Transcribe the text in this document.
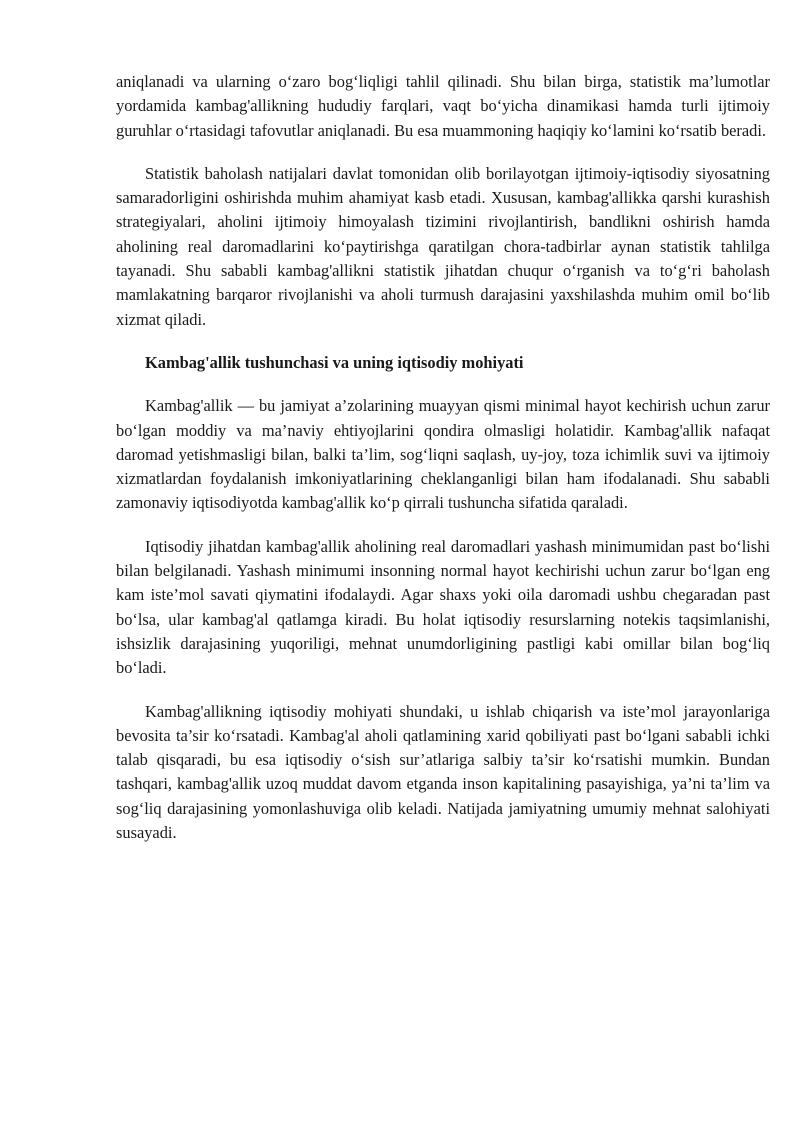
aniqlanadi va ularning o‘zaro bog‘liqligi tahlil qilinadi. Shu bilan birga, statistik ma’lumotlar yordamida kambag'allikning hududiy farqlari, vaqt bo‘yicha dinamikasi hamda turli ijtimoiy guruhlar o‘rtasidagi tafovutlar aniqlanadi. Bu esa muammoning haqiqiy ko‘lamini ko‘rsatib beradi.

Statistik baholash natijalari davlat tomonidan olib borilayotgan ijtimoiy-iqtisodiy siyosatning samaradorligini oshirishda muhim ahamiyat kasb etadi. Xususan, kambag'allikka qarshi kurashish strategiyalari, aholini ijtimoiy himoyalash tizimini rivojlantirish, bandlikni oshirish hamda aholining real daromadlarini ko‘paytirishga qaratilgan chora-tadbirlar aynan statistik tahlilga tayanadi. Shu sababli kambag'allikni statistik jihatdan chuqur o‘rganish va to‘g‘ri baholash mamlakatning barqaror rivojlanishi va aholi turmush darajasini yaxshilashda muhim omil bo‘lib xizmat qiladi.

Kambag'allik tushunchasi va uning iqtisodiy mohiyati

Kambag'allik — bu jamiyat a’zolarining muayyan qismi minimal hayot kechirish uchun zarur bo‘lgan moddiy va ma’naviy ehtiyojlarini qondira olmasligi holatidir. Kambag'allik nafaqat daromad yetishmasligi bilan, balki ta’lim, sog‘liqni saqlash, uy-joy, toza ichimlik suvi va ijtimoiy xizmatlardan foydalanish imkoniyatlarining cheklanganligi bilan ham ifodalanadi. Shu sababli zamonaviy iqtisodiyotda kambag'allik ko‘p qirrali tushuncha sifatida qaraladi.

Iqtisodiy jihatdan kambag'allik aholining real daromadlari yashash minimumidan past bo‘lishi bilan belgilanadi. Yashash minimumi insonning normal hayot kechirishi uchun zarur bo‘lgan eng kam iste’mol savati qiymatini ifodalaydi. Agar shaxs yoki oila daromadi ushbu chegaradan past bo‘lsa, ular kambag'al qatlamga kiradi. Bu holat iqtisodiy resurslarning notekis taqsimlanishi, ishsizlik darajasining yuqoriligi, mehnat unumdorligining pastligi kabi omillar bilan bog‘liq bo‘ladi.

Kambag'allikning iqtisodiy mohiyati shundaki, u ishlab chiqarish va iste’mol jarayonlariga bevosita ta’sir ko‘rsatadi. Kambag'al aholi qatlamining xarid qobiliyati past bo‘lgani sababli ichki talab qisqaradi, bu esa iqtisodiy o‘sish sur’atlariga salbiy ta’sir ko‘rsatishi mumkin. Bundan tashqari, kambag'allik uzoq muddat davom etganda inson kapitalining pasayishiga, ya’ni ta’lim va sog‘liq darajasining yomonlashuviga olib keladi. Natijada jamiyatning umumiy mehnat salohiyati susayadi.
